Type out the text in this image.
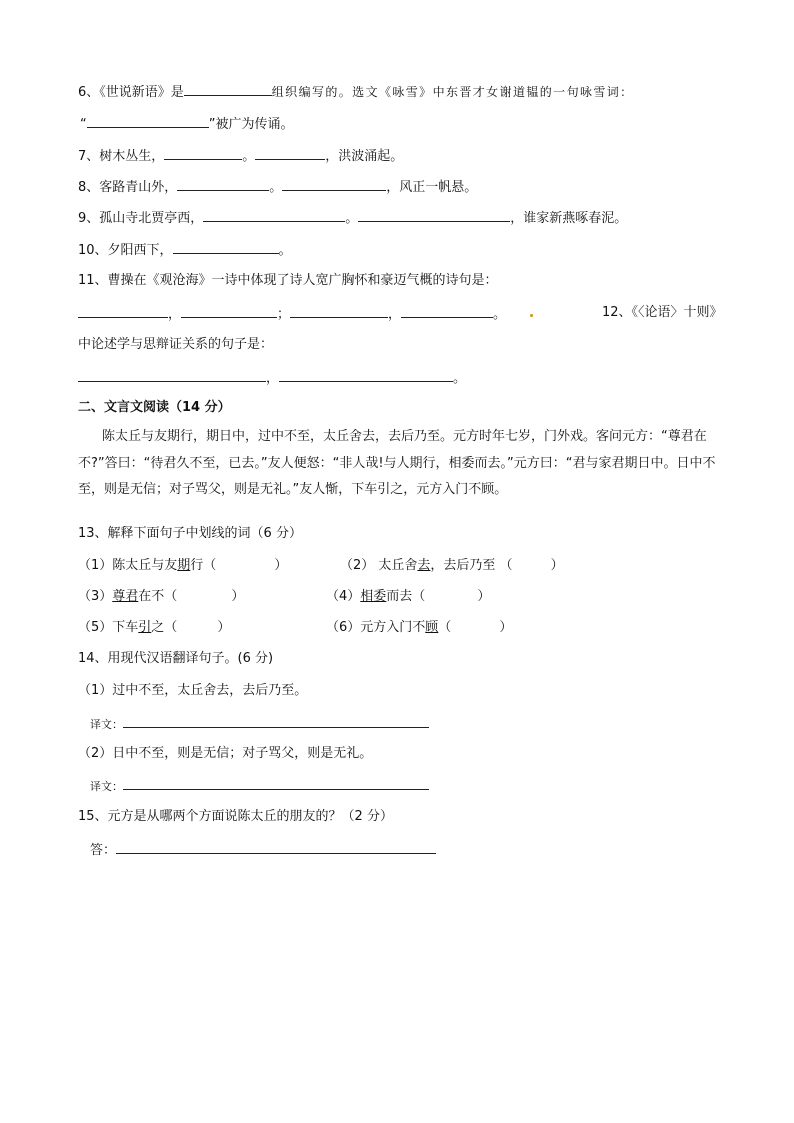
6、《世说新语》是	组织编写的。选文《咏雪》中东晋才女谢道韫的一句咏雪词：
“	”被广为传诵。
7、树木丛生，	。	，洪波涌起。
8、客路青山外，	。	，风正一帆悬。
9、孤山寺北贾亭西，	。	，谁家新燕啄春泥。
10、夕阳西下，	。
11、曹操在《观沧海》一诗中体现了诗人宽广胸怀和豪迈气概的诗句是：
，	；	，	。	12、《〈论语〉十则》
中论述学与思辩证关系的句子是：
，	。
二、文言文阅读（14 分）
陈太丘与友期行，期日中，过中不至，太丘舍去，去后乃至。元方时年七岁，门外戏。客问元方：“尊君在不?”答曰：“待君久不至，已去。”友人便怒：“非人哉!与人期行，相委而去。”元方曰：“君与家君期日中。日中不至，则是无信；对子骂父，则是无礼。”友人惭，下车引之，元方入门不顾。
13、解释下面句子中划线的词（6 分）
（1）陈太丘与友期行（	）	（2） 太丘舍去，去后乃至 （	）
（3）尊君在不（	）	（4）相委而去（	）
（5）下车引之（	）	（6）元方入门不顾（	）
14、用现代汉语翻译句子。(6 分)
（1）过中不至，太丘舍去，去后乃至。
译文：
（2）日中不至，则是无信；对子骂父，则是无礼。
译文：
15、元方是从哪两个方面说陈太丘的朋友的？（2 分）
答：
